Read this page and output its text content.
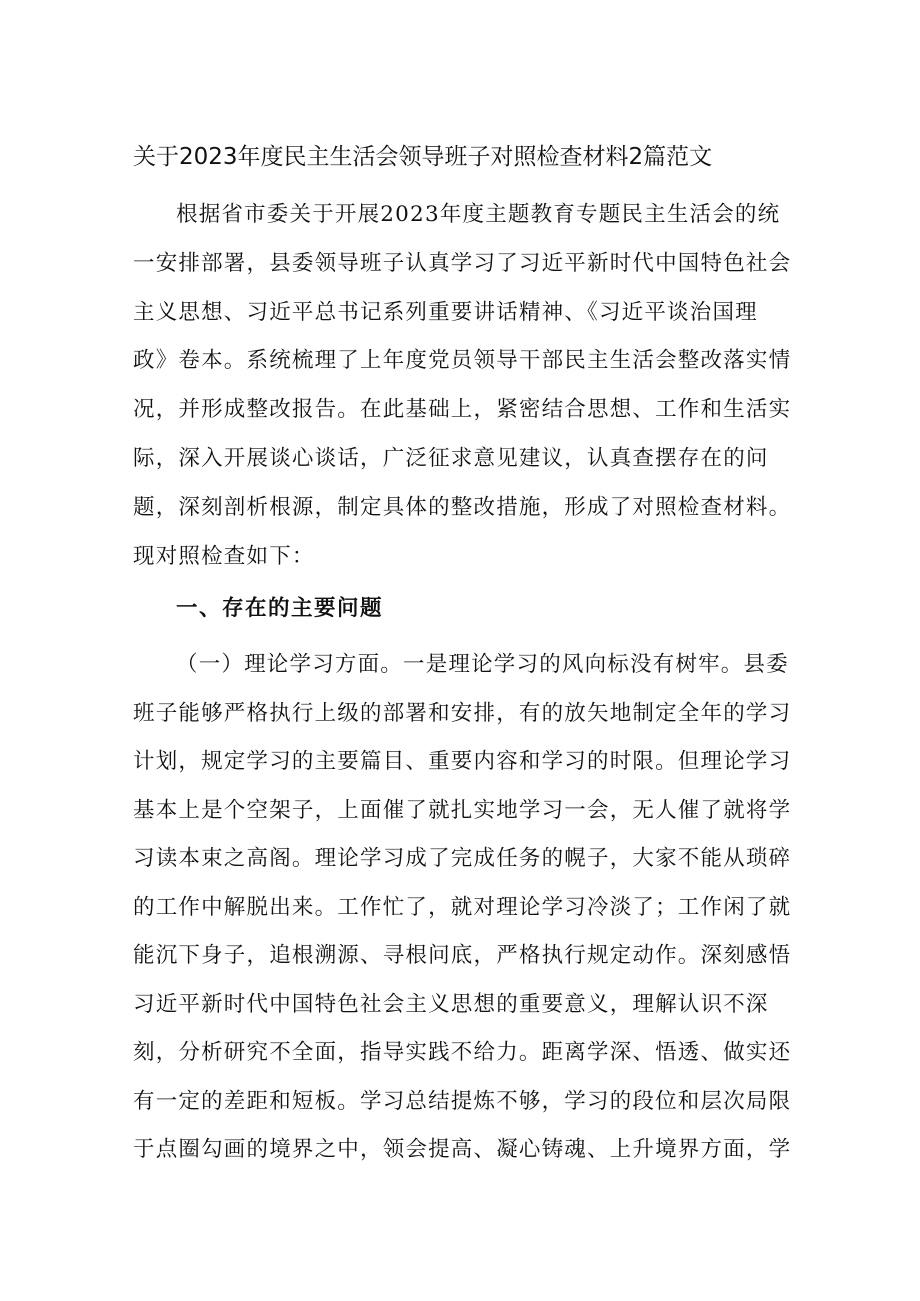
关于2023年度民主生活会领导班子对照检查材料2篇范文
根据省市委关于开展2023年度主题教育专题民主生活会的统
一安排部署，县委领导班子认真学习了习近平新时代中国特色社会
主义思想、习近平总书记系列重要讲话精神、《习近平谈治国理
政》卷本。系统梳理了上年度党员领导干部民主生活会整改落实情
况，并形成整改报告。在此基础上，紧密结合思想、工作和生活实
际，深入开展谈心谈话，广泛征求意见建议，认真查摆存在的问
题，深刻剖析根源，制定具体的整改措施，形成了对照检查材料。
现对照检查如下：
一、存在的主要问题
（一）理论学习方面。一是理论学习的风向标没有树牢。县委
班子能够严格执行上级的部署和安排，有的放矢地制定全年的学习
计划，规定学习的主要篇目、重要内容和学习的时限。但理论学习
基本上是个空架子，上面催了就扎实地学习一会，无人催了就将学
习读本束之高阁。理论学习成了完成任务的幌子，大家不能从琐碎
的工作中解脱出来。工作忙了，就对理论学习冷淡了；工作闲了就
能沉下身子，追根溯源、寻根问底，严格执行规定动作。深刻感悟
习近平新时代中国特色社会主义思想的重要意义，理解认识不深
刻，分析研究不全面，指导实践不给力。距离学深、悟透、做实还
有一定的差距和短板。学习总结提炼不够，学习的段位和层次局限
于点圈勾画的境界之中，领会提高、凝心铸魂、上升境界方面，学
